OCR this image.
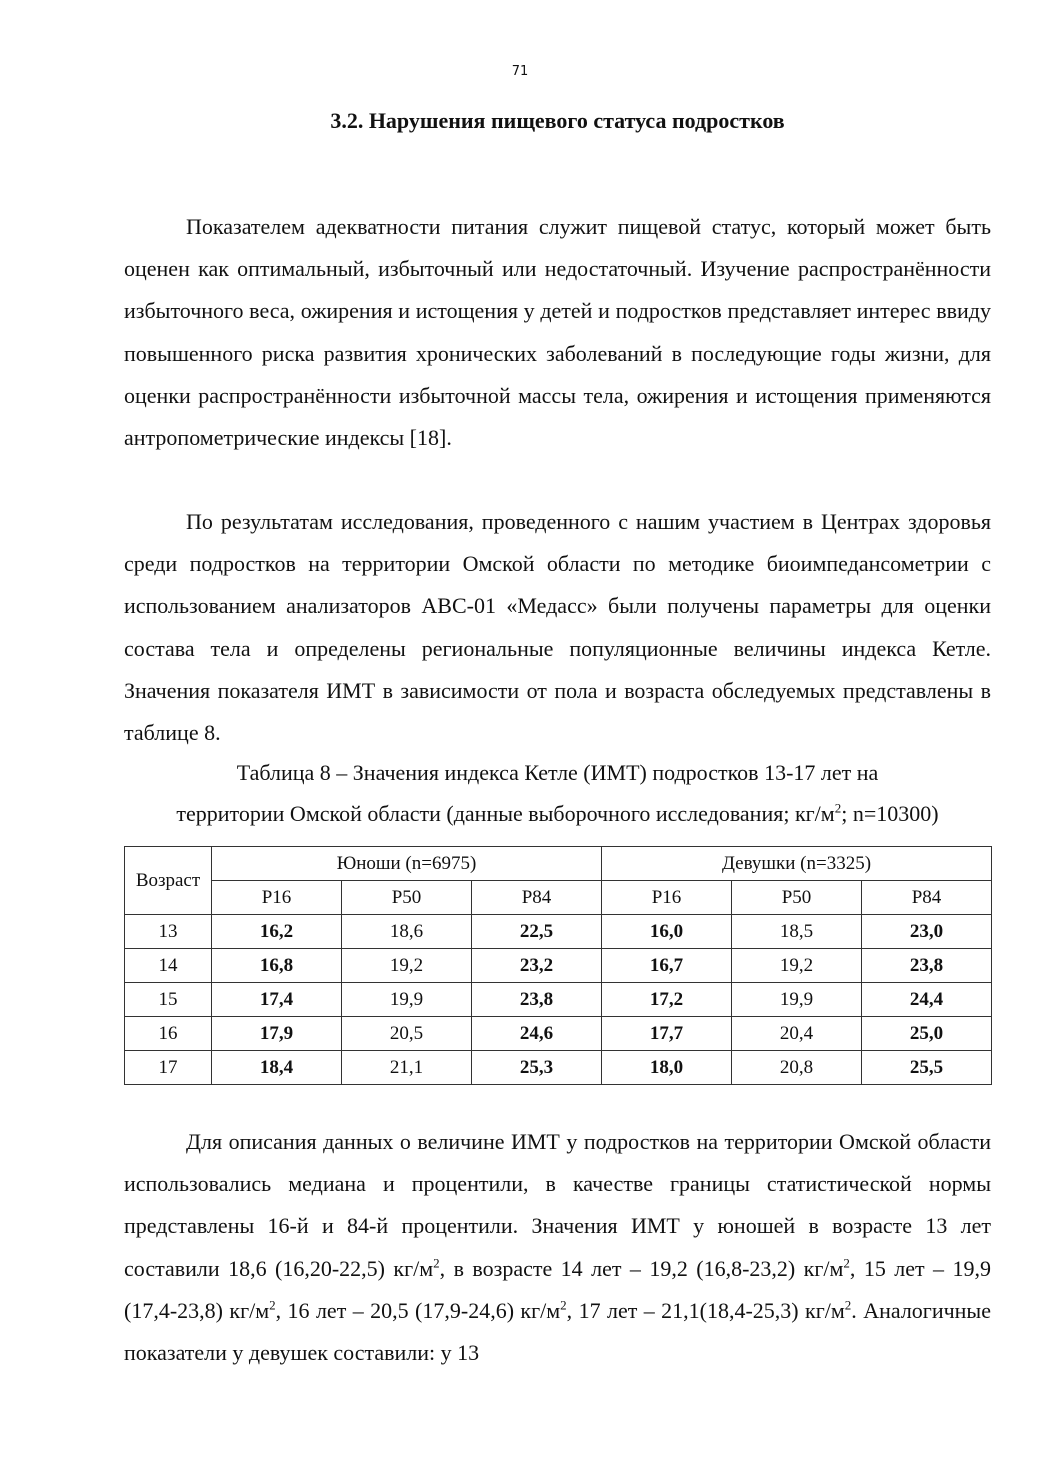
71
3.2. Нарушения пищевого статуса подростков

Показателем адекватности питания служит пищевой статус, который может быть оценен как оптимальный, избыточный или недостаточный. Изучение распространённости избыточного веса, ожирения и истощения у детей и подростков представляет интерес ввиду повышенного риска развития хронических заболеваний в последующие годы жизни, для оценки распространённости избыточной массы тела, ожирения и истощения применяются антропометрические индексы [18].

По результатам исследования, проведенного с нашим участием в Центрах здоровья среди подростков на территории Омской области по методике биоимпедансометрии с использованием анализаторов АВС-01 «Медасс» были получены параметры для оценки состава тела и определены региональные популяционные величины индекса Кетле. Значения показателя ИМТ в зависимости от пола и возраста обследуемых представлены в таблице 8.

Таблица 8 – Значения индекса Кетле (ИМТ) подростков 13-17 лет на
территории Омской области (данные выборочного исследования; $кг/м^2$; n=10300)
Возраст	Юноши (n=6975)			Девушки (n=3325)		
	Р16	Р50	Р84	Р16	Р50	Р84
13	16,2	18,6	22,5	16,0	18,5	23,0
14	16,8	19,2	23,2	16,7	19,2	23,8
15	17,4	19,9	23,8	17,2	19,9	24,4
16	17,9	20,5	24,6	17,7	20,4	25,0
17	18,4	21,1	25,3	18,0	20,8	25,5

Для описания данных о величине ИМТ у подростков на территории Омской области использовались медиана и процентили, в качестве границы статистической нормы представлены 16-й и 84-й процентили. Значения ИМТ у юношей в возрасте 13 лет составили 18,6 (16,20-22,5) $кг/м^2$, в возрасте 14 лет – 19,2 (16,8-23,2) $кг/м^2$, 15 лет – 19,9 (17,4-23,8) $кг/м^2$, 16 лет – 20,5 (17,9-24,6) $кг/м^2$, 17 лет – 21,1(18,4-25,3) $кг/м^2$. Аналогичные показатели у девушек составили: у 13
